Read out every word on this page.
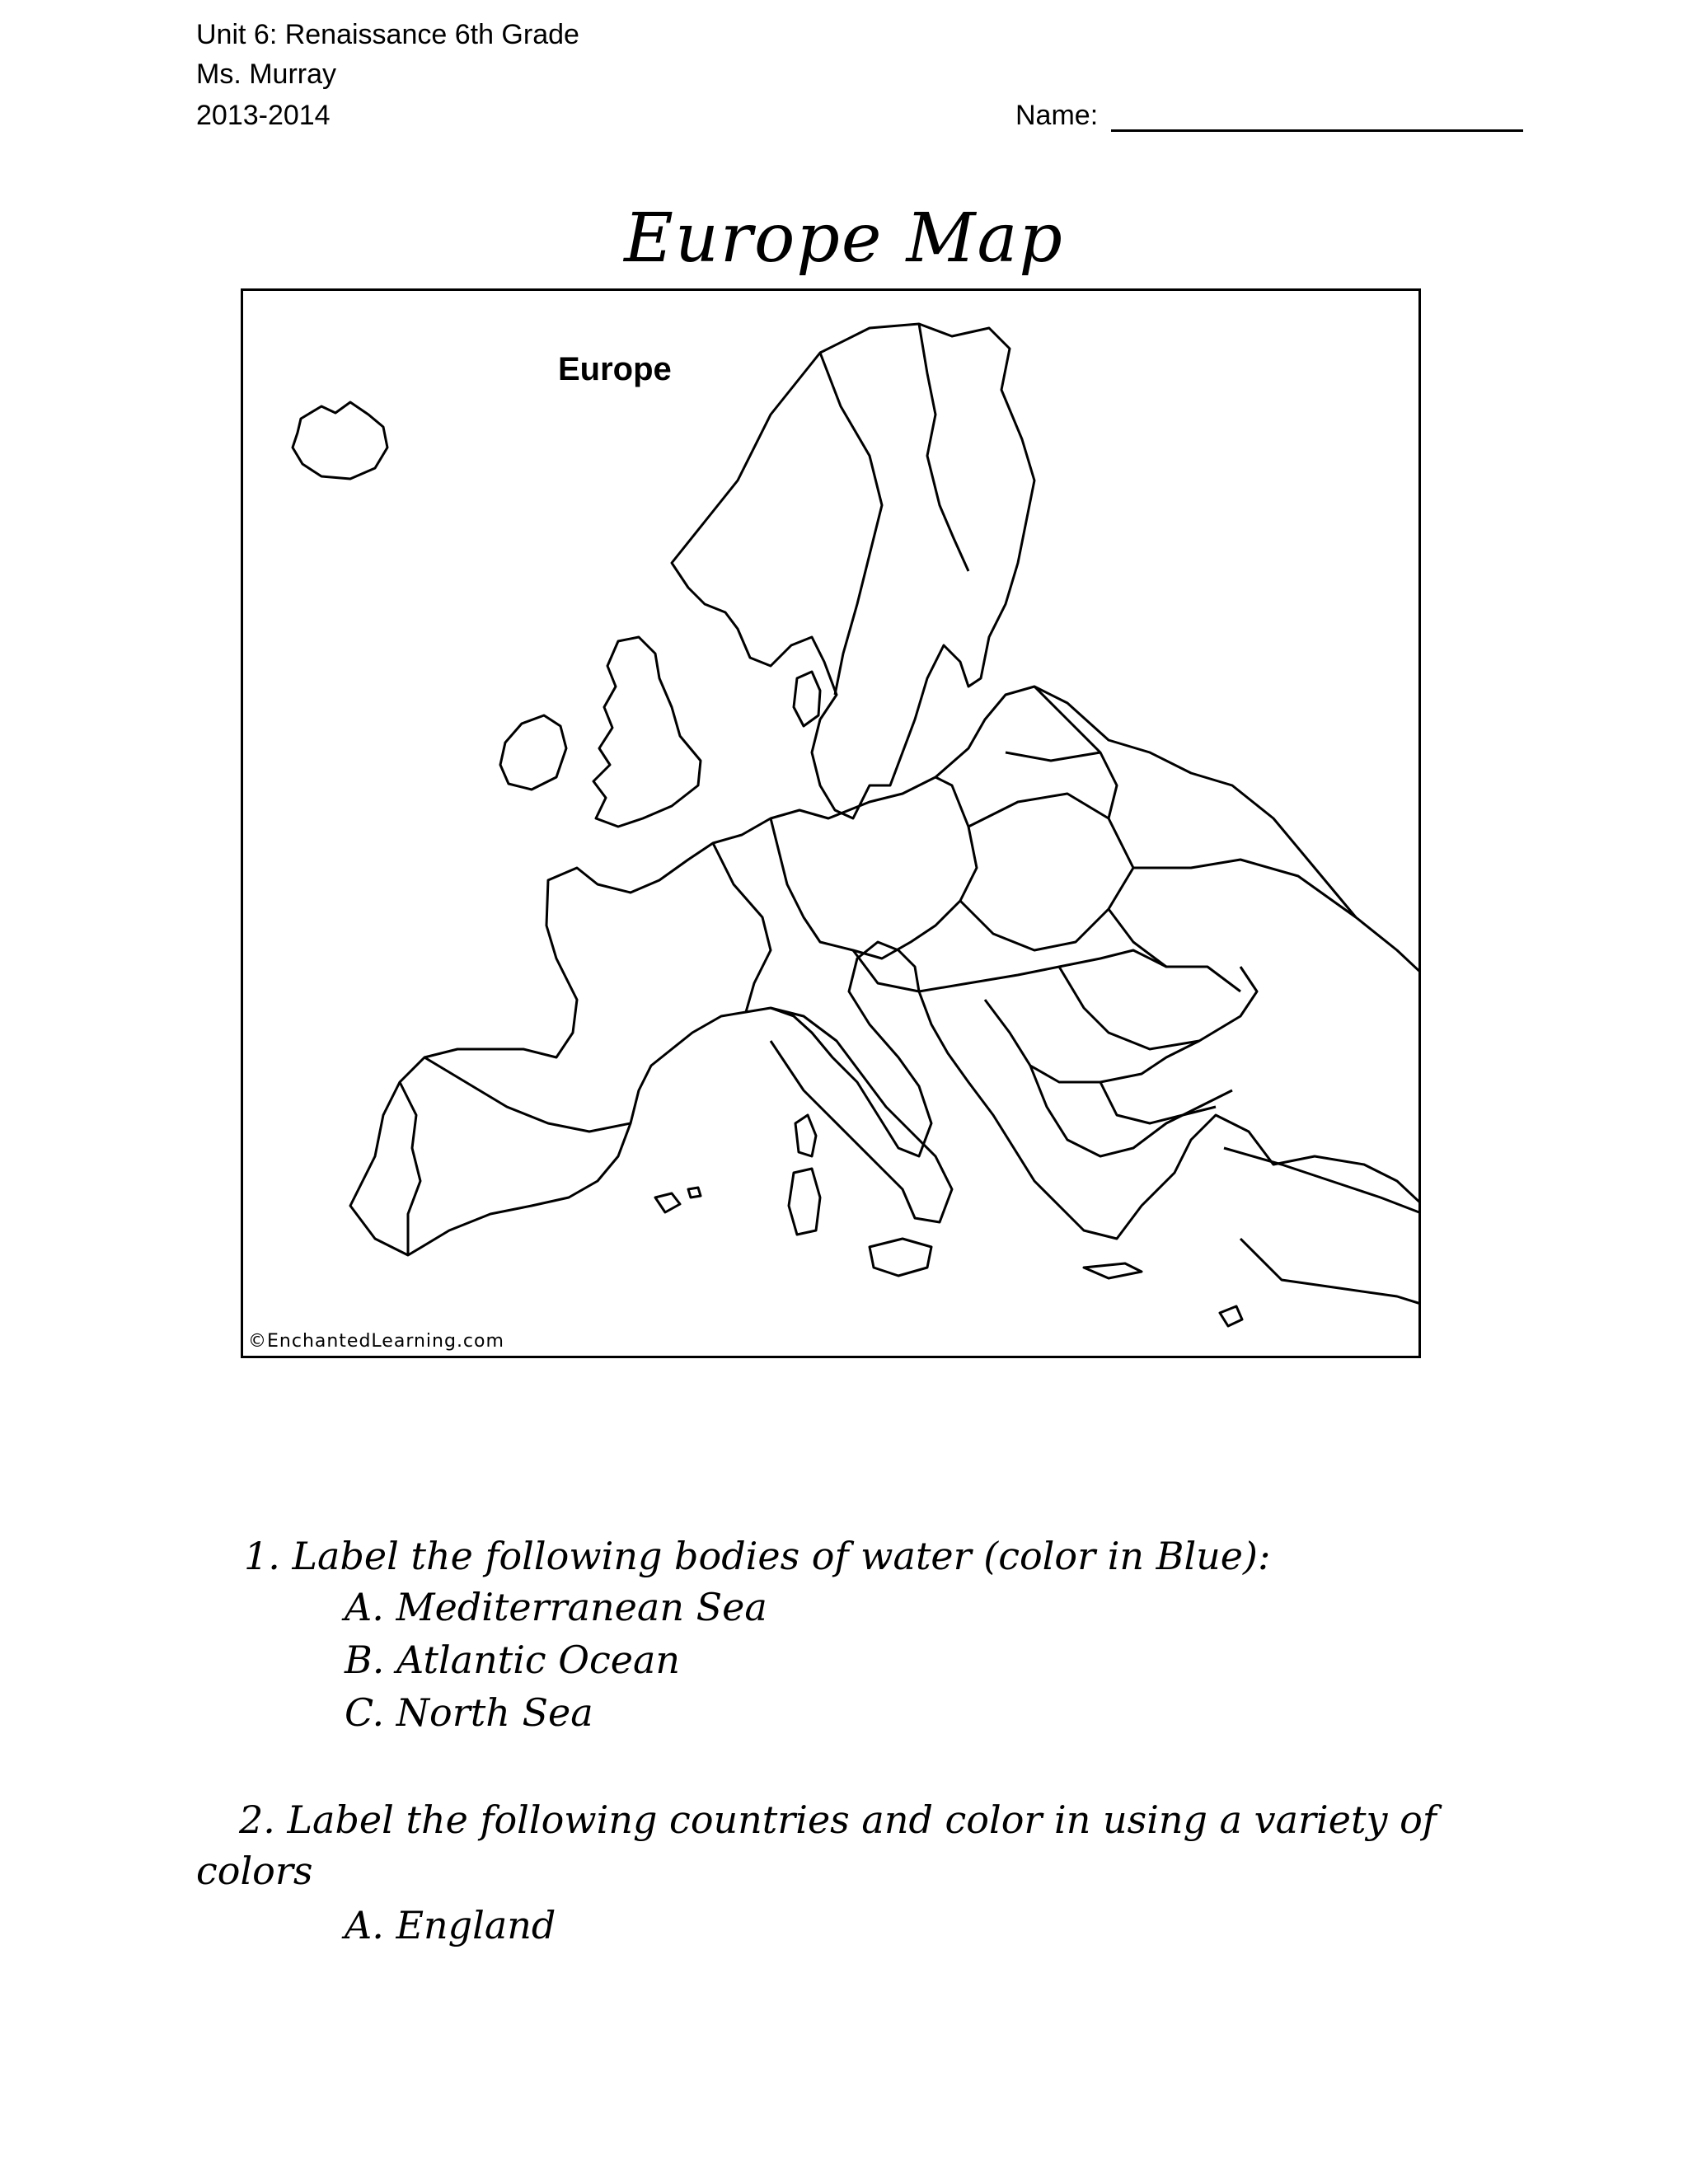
Unit 6: Renaissance 6th Grade
Ms. Murray
2013-2014	Name:
Europe Map
Europe
©EnchantedLearning.com
1. Label the following bodies of water (color in Blue):
A. Mediterranean Sea
B. Atlantic Ocean
C. North Sea
2. Label the following countries and color in using a variety of
colors
A. England
